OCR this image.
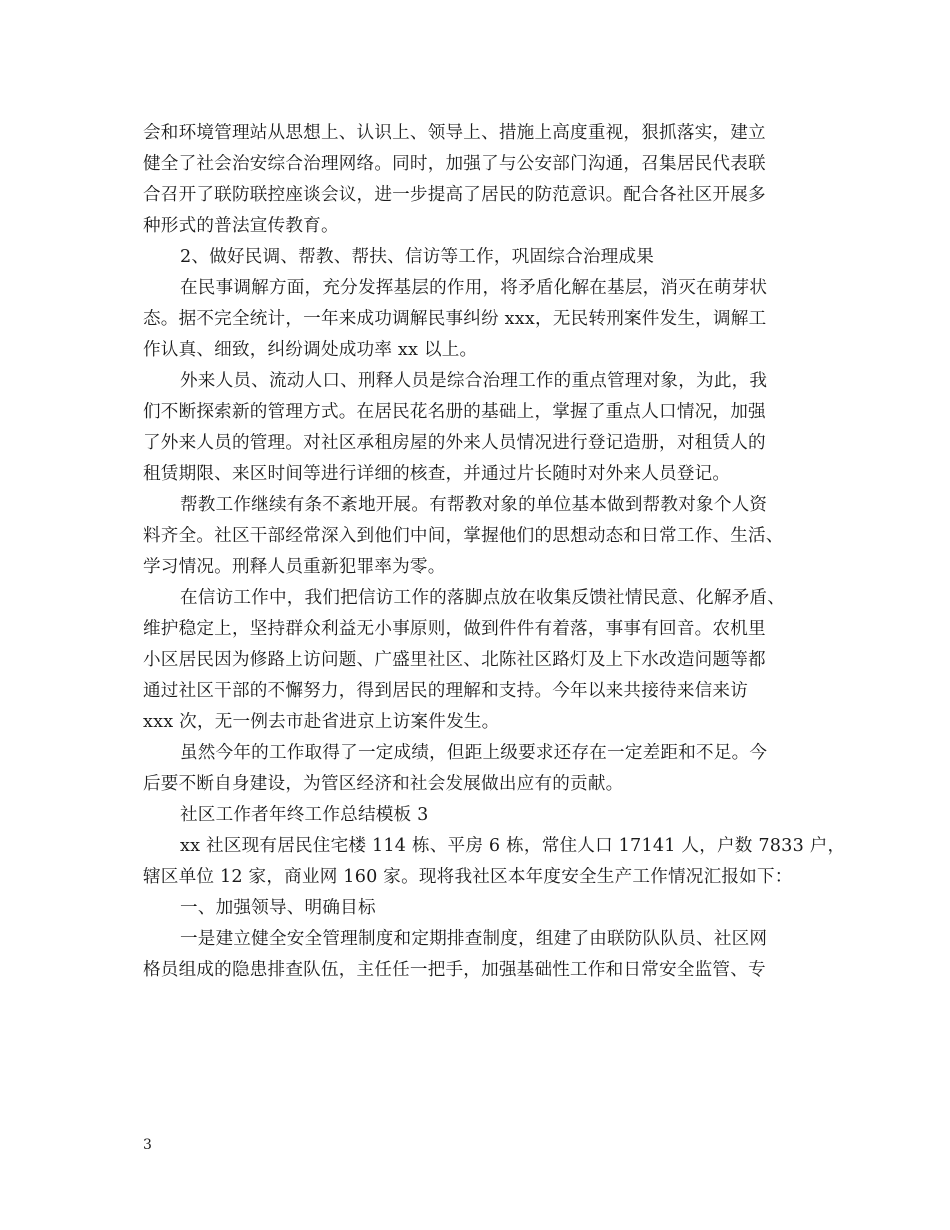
会和环境管理站从思想上、认识上、领导上、措施上高度重视，狠抓落实，建立
健全了社会治安综合治理网络。同时，加强了与公安部门沟通，召集居民代表联
合召开了联防联控座谈会议，进一步提高了居民的防范意识。配合各社区开展多
种形式的普法宣传教育。
2、做好民调、帮教、帮扶、信访等工作，巩固综合治理成果
在民事调解方面，充分发挥基层的作用，将矛盾化解在基层，消灭在萌芽状
态。据不完全统计，一年来成功调解民事纠纷 xxx，无民转刑案件发生，调解工
作认真、细致，纠纷调处成功率 xx 以上。
外来人员、流动人口、刑释人员是综合治理工作的重点管理对象，为此，我
们不断探索新的管理方式。在居民花名册的基础上，掌握了重点人口情况，加强
了外来人员的管理。对社区承租房屋的外来人员情况进行登记造册，对租赁人的
租赁期限、来区时间等进行详细的核查，并通过片长随时对外来人员登记。
帮教工作继续有条不紊地开展。有帮教对象的单位基本做到帮教对象个人资
料齐全。社区干部经常深入到他们中间，掌握他们的思想动态和日常工作、生活、
学习情况。刑释人员重新犯罪率为零。
在信访工作中，我们把信访工作的落脚点放在收集反馈社情民意、化解矛盾、
维护稳定上，坚持群众利益无小事原则，做到件件有着落，事事有回音。农机里
小区居民因为修路上访问题、广盛里社区、北陈社区路灯及上下水改造问题等都
通过社区干部的不懈努力，得到居民的理解和支持。今年以来共接待来信来访
xxx 次，无一例去市赴省进京上访案件发生。
虽然今年的工作取得了一定成绩，但距上级要求还存在一定差距和不足。今
后要不断自身建设，为管区经济和社会发展做出应有的贡献。
社区工作者年终工作总结模板 3
xx 社区现有居民住宅楼 114 栋、平房 6 栋，常住人口 17141 人，户数 7833 户，
辖区单位 12 家，商业网 160 家。现将我社区本年度安全生产工作情况汇报如下：
一、加强领导、明确目标
一是建立健全安全管理制度和定期排查制度，组建了由联防队队员、社区网
格员组成的隐患排查队伍，主任任一把手，加强基础性工作和日常安全监管、专
3
